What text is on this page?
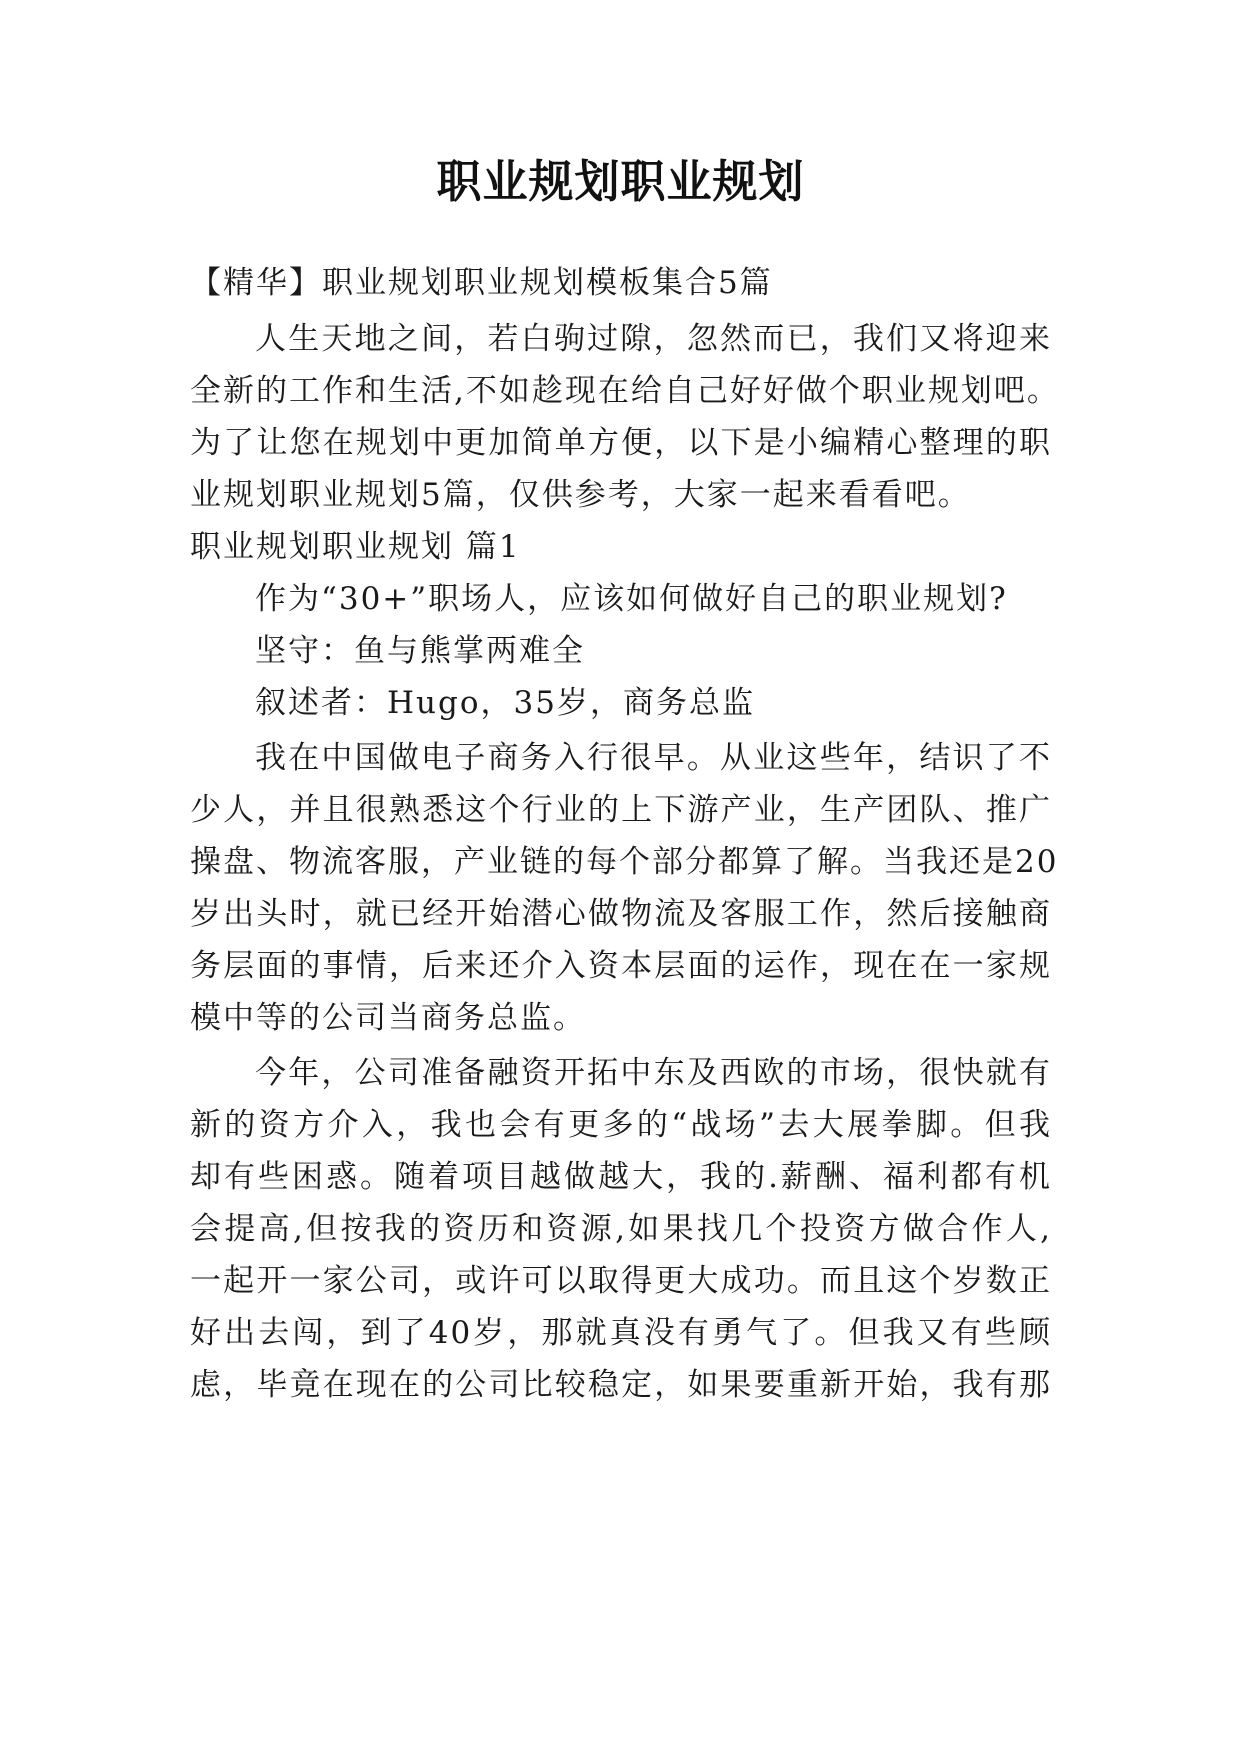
职业规划职业规划
【精华】职业规划职业规划模板集合5篇
人生天地之间，若白驹过隙，忽然而已，我们又将迎来
全新的工作和生活,不如趁现在给自己好好做个职业规划吧。
为了让您在规划中更加简单方便，以下是小编精心整理的职
业规划职业规划5篇，仅供参考，大家一起来看看吧。
职业规划职业规划 篇1
作为“30+”职场人，应该如何做好自己的职业规划?
坚守：鱼与熊掌两难全
叙述者：Hugo，35岁，商务总监
我在中国做电子商务入行很早。从业这些年，结识了不
少人，并且很熟悉这个行业的上下游产业，生产团队、推广
操盘、物流客服，产业链的每个部分都算了解。当我还是20
岁出头时，就已经开始潜心做物流及客服工作，然后接触商
务层面的事情，后来还介入资本层面的运作，现在在一家规
模中等的公司当商务总监。
今年，公司准备融资开拓中东及西欧的市场，很快就有
新的资方介入，我也会有更多的“战场”去大展拳脚。但我
却有些困惑。随着项目越做越大，我的.薪酬、福利都有机
会提高,但按我的资历和资源,如果找几个投资方做合作人,
一起开一家公司，或许可以取得更大成功。而且这个岁数正
好出去闯，到了40岁，那就真没有勇气了。但我又有些顾
虑，毕竟在现在的公司比较稳定，如果要重新开始，我有那
